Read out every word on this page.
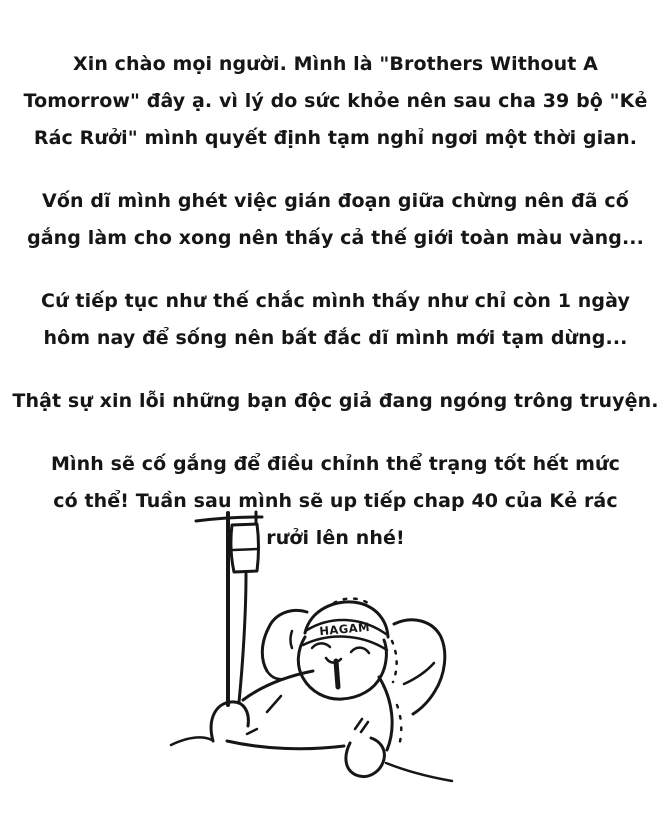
Xin chào mọi người. Mình là "Brothers Without A
Tomorrow" đây ạ. vì lý do sức khỏe nên sau cha 39 bộ "Kẻ
Rác Rưởi" mình quyết định tạm nghỉ ngơi một thời gian.

Vốn dĩ mình ghét việc gián đoạn giữa chừng nên đã cố
gắng làm cho xong nên thấy cả thế giới toàn màu vàng...

Cứ tiếp tục như thế chắc mình thấy như chỉ còn 1 ngày
hôm nay để sống nên bất đắc dĩ mình mới tạm dừng...

Thật sự xin lỗi những bạn độc giả đang ngóng trông truyện.

Mình sẽ cố gắng để điều chỉnh thể trạng tốt hết mức
có thể! Tuần sau mình sẽ up tiếp chap 40 của Kẻ rác
rưởi lên nhé!

HAGAM
